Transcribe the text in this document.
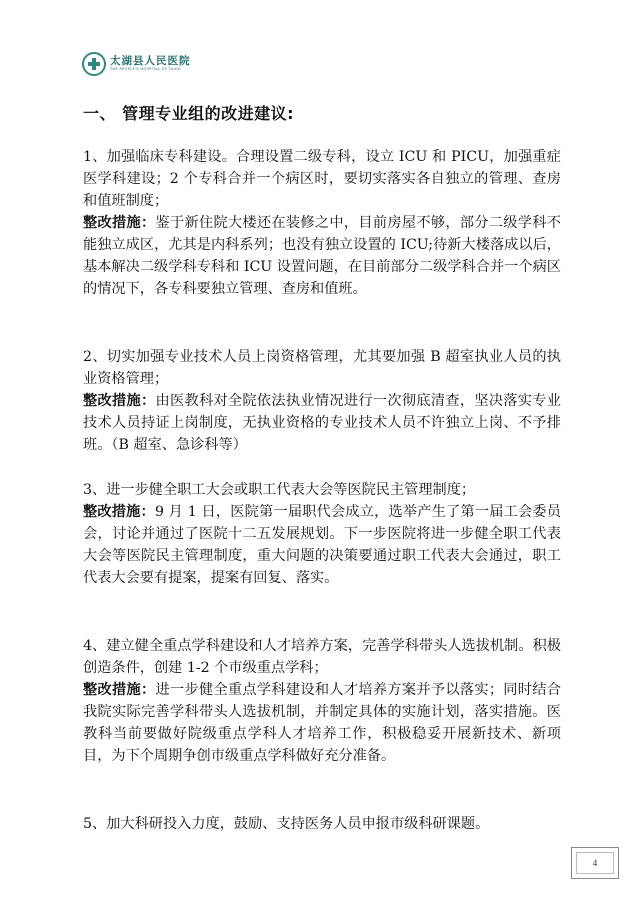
太湖县人民医院
THE PEOPLE'S HOSPITAL OF TAIHU
一、 管理专业组的改进建议:

1、加强临床专科建设。合理设置二级专科，设立 ICU 和 PICU，加强重症医学科建设；2 个专科合并一个病区时，要切实落实各自独立的管理、查房和值班制度；

整改措施：鉴于新住院大楼还在装修之中，目前房屋不够，部分二级学科不能独立成区，尤其是内科系列；也没有独立设置的 ICU;待新大楼落成以后，基本解决二级学科专科和 ICU 设置问题，在目前部分二级学科合并一个病区的情况下，各专科要独立管理、查房和值班。

2、切实加强专业技术人员上岗资格管理，尤其要加强 B 超室执业人员的执业资格管理；

整改措施：由医教科对全院依法执业情况进行一次彻底清查，坚决落实专业技术人员持证上岗制度，无执业资格的专业技术人员不许独立上岗、不予排班。（B 超室、急诊科等）

3、进一步健全职工大会或职工代表大会等医院民主管理制度；

整改措施：9 月 1 日，医院第一届职代会成立，选举产生了第一届工会委员会，讨论并通过了医院十二五发展规划。下一步医院将进一步健全职工代表大会等医院民主管理制度，重大问题的决策要通过职工代表大会通过，职工代表大会要有提案，提案有回复、落实。

4、建立健全重点学科建设和人才培养方案，完善学科带头人选拔机制。积极创造条件，创建 1-2 个市级重点学科；

整改措施：进一步健全重点学科建设和人才培养方案并予以落实；同时结合我院实际完善学科带头人选拔机制，并制定具体的实施计划，落实措施。医教科当前要做好院级重点学科人才培养工作，积极稳妥开展新技术、新项目，为下个周期争创市级重点学科做好充分准备。

5、加大科研投入力度，鼓励、支持医务人员申报市级科研课题。

4
